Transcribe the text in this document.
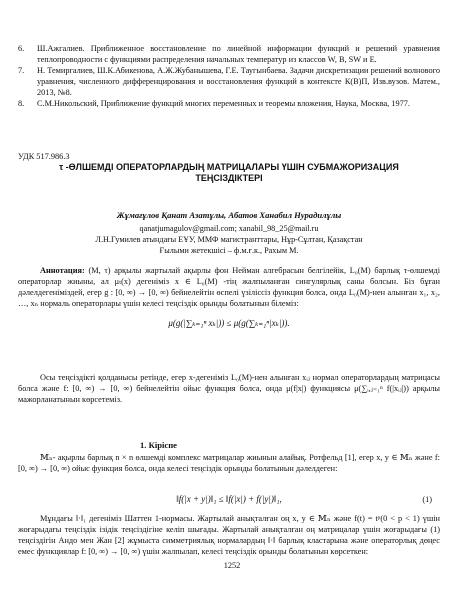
6. Ш.Ажгалиев. Приближенное восстановление по линейной информации функций и решений уравнения теплопроводности с функциями распределения начальных температур из классов W, B, SW и E.
7. Н. Темиргалиев, Ш.К.Абикенова, А.Ж.Жубанышева, Г.Е. Таугынбаева. Задачи дискретизации решений волнового уравнения, численного дифференцирования и восстановления функций в контексте К(В)П, Изв.вузов. Матем., 2013, №8.
8. С.М.Никольский, Приближение функций многих переменных и теоремы вложения, Наука, Москва, 1977.
УДК 517.986.3
τ -ӨЛШЕМДІ ОПЕРАТОРЛАРДЫҢ МАТРИЦАЛАРЫ ҮШІН СУБМАЖОРИЗАЦИЯ
ТЕҢСІЗДІКТЕРІ
Жұмағұлов Қанат Азатұлы, Абатов Ханабил Нурадилұлы
qanatjumagulov@gmail.com; xanabil_98_25@mail.ru
Л.Н.Гумилев атындағы ЕҰУ, ММФ магистранттары, Нұр-Сұлтан, Қазақстан
Ғылыми жетекшісі – ф.м.ғ.к., Рахым М.
Аннотация: (M, τ) арқылы жартылай ақырлы фон Нейман алгебрасын белгілейік, L₀(M) барлық τ-өлшемді операторлар жиыны, ал μₜ(x) дегеніміз x ∈ L₀(M) -тің жалпыланған сингулярлық саны болсын. Біз бұған дәлелдегеніміздей, егер g : [0, ∞) → [0, ∞) бейнелейтін өспелі үзіліссіз функция болса, онда L₀(M)-нен алынған x₁, x₂, …, xₙ нормаль операторлары үшін келесі теңсіздік орынды болатынын білеміз:
μ(g(|∑ₖ₌₁ⁿ xₖ|)) ≤ μ(g(∑ₖ₌₁ⁿ|xₖ|)).
Осы теңсіздікті қолданысы ретінде, егер x-дегеніміз L₀(M)-нен алынған xᵢⱼ нормал операторлардың матрицасы болса және f: [0, ∞) → [0, ∞) бейнелейтін ойыс функция болса, онда μ(f|x|) функциясы μ(∑ᵢ,ⱼ₌₁ⁿ f(|xᵢⱼ|)) арқылы мажорланатынын көрсетеміз.
1. Кіріспе
𝕄ₙ- ақырлы барлық n × n өлшемді комплекс матрицалар жиынын алайық. Ротфельд [1], егер x, y ∈ 𝕄ₙ және f: [0, ∞) → [0, ∞) ойыс функция болса, онда келесі теңсіздік орынды болатынын дәлелдеген:
‖f(|x + y|)‖₁ ≤ ‖f(|x|) + f(|y|)‖₁,	(1)
Мұндағы ‖·‖₁ дегеніміз Шаттен 1-нормасы. Жартылай анықталған оң x, y ∈ 𝕄ₙ және f(t) = tᵖ(0 < p < 1) үшін жоғарыдағы теңсіздік ізідік теңсіздігіне келіп шығады. Жартылай анықталған оң матрицалар үшін жоғарыдағы (1) теңсіздігін Андо мен Жан [2] жұмыста симметриялық нормалардың ‖·‖ барлық кластарына және операторлық дөңес емес функциялар f: [0, ∞) → [0, ∞) үшін жалпылап, келесі теңсіздік орынды болатынын көрсеткен:
1252
